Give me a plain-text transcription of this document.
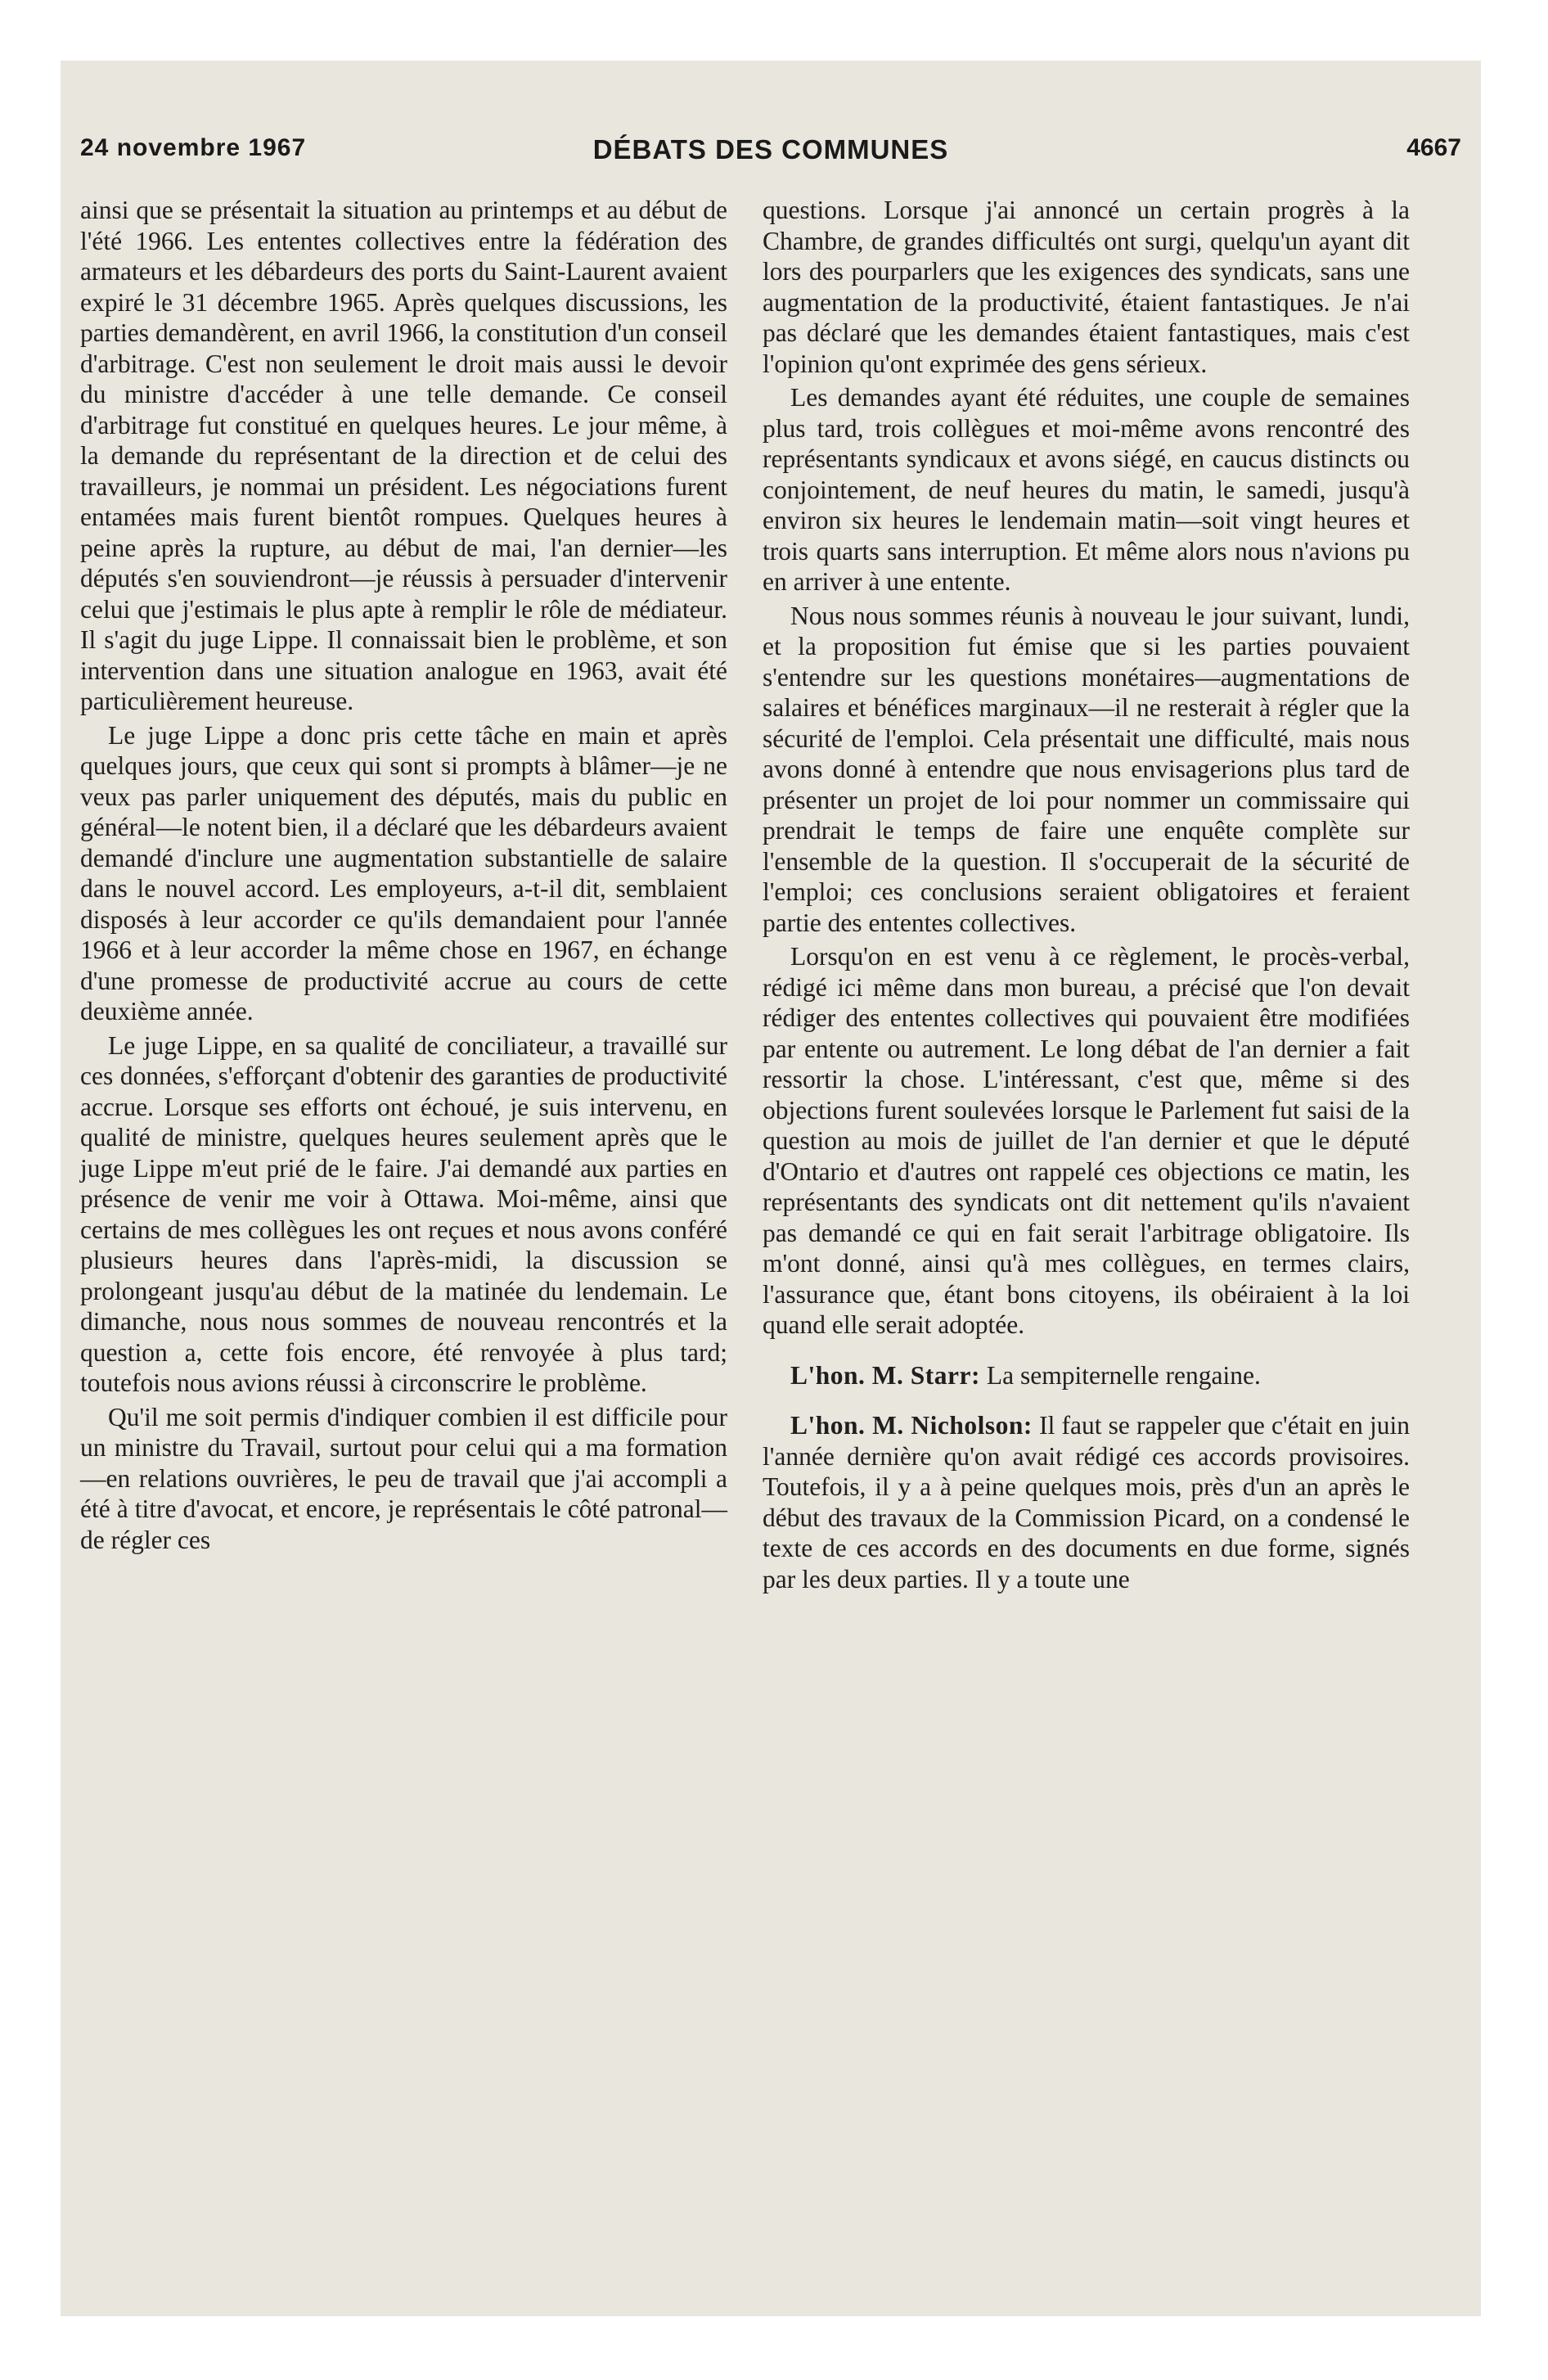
24 novembre 1967	DÉBATS DES COMMUNES	4667

ainsi que se présentait la situation au printemps et au début de l'été 1966. Les ententes collectives entre la fédération des armateurs et les débardeurs des ports du Saint-Laurent avaient expiré le 31 décembre 1965. Après quelques discussions, les parties demandèrent, en avril 1966, la constitution d'un conseil d'arbitrage. C'est non seulement le droit mais aussi le devoir du ministre d'accéder à une telle demande. Ce conseil d'arbitrage fut constitué en quelques heures. Le jour même, à la demande du représentant de la direction et de celui des travailleurs, je nommai un président. Les négociations furent entamées mais furent bientôt rompues. Quelques heures à peine après la rupture, au début de mai, l'an dernier—les députés s'en souviendront—je réussis à persuader d'intervenir celui que j'estimais le plus apte à remplir le rôle de médiateur. Il s'agit du juge Lippe. Il connaissait bien le problème, et son intervention dans une situation analogue en 1963, avait été particulièrement heureuse.

Le juge Lippe a donc pris cette tâche en main et après quelques jours, que ceux qui sont si prompts à blâmer—je ne veux pas parler uniquement des députés, mais du public en général—le notent bien, il a déclaré que les débardeurs avaient demandé d'inclure une augmentation substantielle de salaire dans le nouvel accord. Les employeurs, a-t-il dit, semblaient disposés à leur accorder ce qu'ils demandaient pour l'année 1966 et à leur accorder la même chose en 1967, en échange d'une promesse de productivité accrue au cours de cette deuxième année.

Le juge Lippe, en sa qualité de conciliateur, a travaillé sur ces données, s'efforçant d'obtenir des garanties de productivité accrue. Lorsque ses efforts ont échoué, je suis intervenu, en qualité de ministre, quelques heures seulement après que le juge Lippe m'eut prié de le faire. J'ai demandé aux parties en présence de venir me voir à Ottawa. Moi-même, ainsi que certains de mes collègues les ont reçues et nous avons conféré plusieurs heures dans l'après-midi, la discussion se prolongeant jusqu'au début de la matinée du lendemain. Le dimanche, nous nous sommes de nouveau rencontrés et la question a, cette fois encore, été renvoyée à plus tard; toutefois nous avions réussi à circonscrire le problème.

Qu'il me soit permis d'indiquer combien il est difficile pour un ministre du Travail, surtout pour celui qui a ma formation—en relations ouvrières, le peu de travail que j'ai accompli a été à titre d'avocat, et encore, je représentais le côté patronal—de régler ces

questions. Lorsque j'ai annoncé un certain progrès à la Chambre, de grandes difficultés ont surgi, quelqu'un ayant dit lors des pourparlers que les exigences des syndicats, sans une augmentation de la productivité, étaient fantastiques. Je n'ai pas déclaré que les demandes étaient fantastiques, mais c'est l'opinion qu'ont exprimée des gens sérieux.

Les demandes ayant été réduites, une couple de semaines plus tard, trois collègues et moi-même avons rencontré des représentants syndicaux et avons siégé, en caucus distincts ou conjointement, de neuf heures du matin, le samedi, jusqu'à environ six heures le lendemain matin—soit vingt heures et trois quarts sans interruption. Et même alors nous n'avions pu en arriver à une entente.

Nous nous sommes réunis à nouveau le jour suivant, lundi, et la proposition fut émise que si les parties pouvaient s'entendre sur les questions monétaires—augmentations de salaires et bénéfices marginaux—il ne resterait à régler que la sécurité de l'emploi. Cela présentait une difficulté, mais nous avons donné à entendre que nous envisagerions plus tard de présenter un projet de loi pour nommer un commissaire qui prendrait le temps de faire une enquête complète sur l'ensemble de la question. Il s'occuperait de la sécurité de l'emploi; ces conclusions seraient obligatoires et feraient partie des ententes collectives.

Lorsqu'on en est venu à ce règlement, le procès-verbal, rédigé ici même dans mon bureau, a précisé que l'on devait rédiger des ententes collectives qui pouvaient être modifiées par entente ou autrement. Le long débat de l'an dernier a fait ressortir la chose. L'intéressant, c'est que, même si des objections furent soulevées lorsque le Parlement fut saisi de la question au mois de juillet de l'an dernier et que le député d'Ontario et d'autres ont rappelé ces objections ce matin, les représentants des syndicats ont dit nettement qu'ils n'avaient pas demandé ce qui en fait serait l'arbitrage obligatoire. Ils m'ont donné, ainsi qu'à mes collègues, en termes clairs, l'assurance que, étant bons citoyens, ils obéiraient à la loi quand elle serait adoptée.

L'hon. M. Starr: La sempiternelle rengaine.

L'hon. M. Nicholson: Il faut se rappeler que c'était en juin l'année dernière qu'on avait rédigé ces accords provisoires. Toutefois, il y a à peine quelques mois, près d'un an après le début des travaux de la Commission Picard, on a condensé le texte de ces accords en des documents en due forme, signés par les deux parties. Il y a toute une
